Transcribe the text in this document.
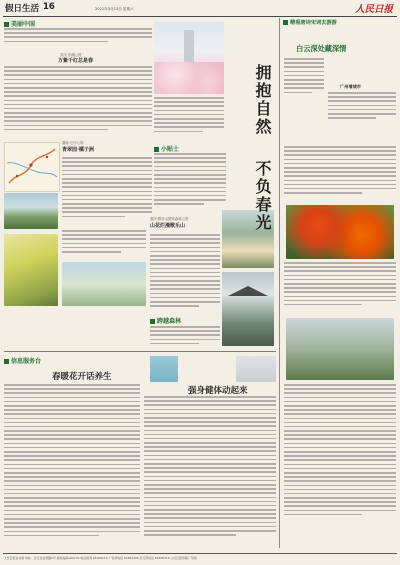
假日生活 16	2021年3月13日 星期六	人民日报
美丽中国
武汉·东湖公园
万紫千红总是春
湖南·长沙公园
青翠园·橘子洲	小贴士
重庆·歌乐山国家森林公园
山花烂漫歌乐山
跨越森林
信息服务台
春暖花开话养生
强身健体动起来
精看唐诗宋词去游游
白云深处藏深情
广州增城市
拥抱自然
不负春光
人民日报社出版 地址：北京金台西路2号 邮政编码100733 电话查询 65368114 广告部电话 65363496 发行部电话 65368319 人民日报印刷厂印刷
